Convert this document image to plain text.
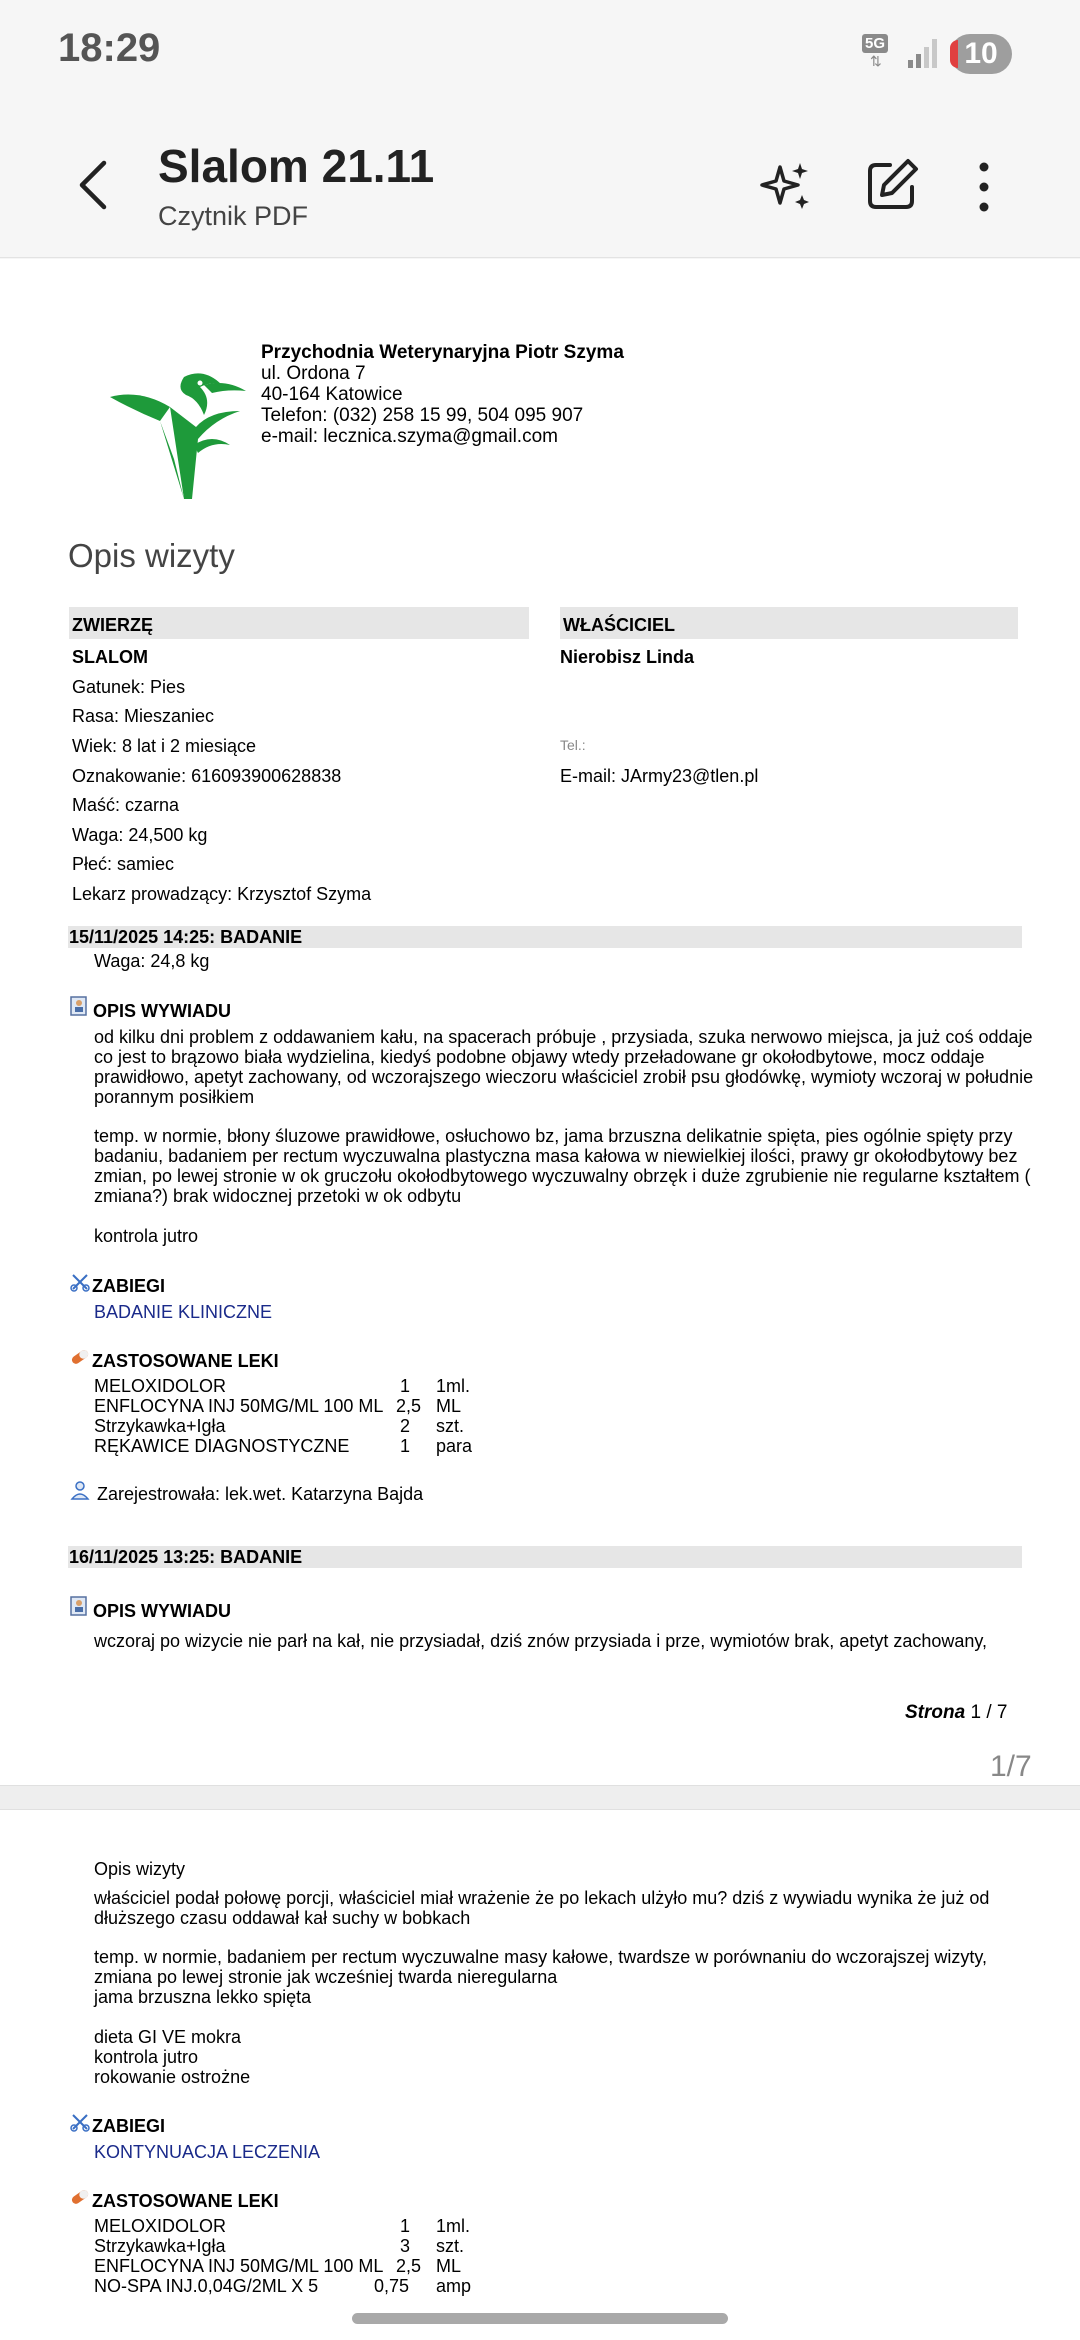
18:29	5G
⇅	10
Slalom 21.11
Czytnik PDF
Przychodnia Weterynaryjna Piotr Szyma
ul. Ordona 7
40-164 Katowice
Telefon: (032) 258 15 99, 504 095 907
e-mail: lecznica.szyma@gmail.com
Opis wizyty
ZWIERZĘ	WŁAŚCICIEL
SLALOM
Gatunek: Pies
Rasa: Mieszaniec
Wiek: 8 lat i 2 miesiące
Oznakowanie: 616093900628838
Maść: czarna
Waga: 24,500 kg
Płeć: samiec
Lekarz prowadzący: Krzysztof Szyma
Nierobisz Linda
Tel.:
E-mail: JArmy23@tlen.pl
15/11/2025 14:25: BADANIE
Waga: 24,8 kg
OPIS WYWIADU
od kilku dni problem z oddawaniem kału, na spacerach próbuje , przysiada, szuka nerwowo miejsca, ja już coś oddaje co jest to brązowo biała wydzielina, kiedyś podobne objawy wtedy przeładowane gr okołodbytowe, mocz oddaje prawidłowo, apetyt zachowany, od wczorajszego wieczoru właściciel zrobił psu głodówkę, wymioty wczoraj w południe porannym posiłkiem
temp. w normie, błony śluzowe prawidłowe, osłuchowo bz, jama brzuszna delikatnie spięta, pies ogólnie spięty przy badaniu, badaniem per rectum wyczuwalna plastyczna masa kałowa w niewielkiej ilości, prawy gr okołodbytowy bez zmian, po lewej stronie w ok gruczołu okołodbytowego wyczuwalny obrzęk i duże zgrubienie nie regularne kształtem ( zmiana?) brak widocznej przetoki w ok odbytu
kontrola jutro
ZABIEGI
BADANIE KLINICZNE
ZASTOSOWANE LEKI
MELOXIDOLOR	1 1ml.
ENFLOCYNA INJ 50MG/ML 100 ML 2,5 ML
Strzykawka+Igła	2 szt.
RĘKAWICE DIAGNOSTYCZNE	1 para
Zarejestrowała: lek.wet. Katarzyna Bajda
16/11/2025 13:25: BADANIE
OPIS WYWIADU
wczoraj po wizycie nie parł na kał, nie przysiadał, dziś znów przysiada i prze, wymiotów brak, apetyt zachowany,
Strona 1 / 7
1/7
Opis wizyty
właściciel podał połowę porcji, właściciel miał wrażenie że po lekach ulżyło mu? dziś z wywiadu wynika że już od dłuższego czasu oddawał kał suchy w bobkach
temp. w normie, badaniem per rectum wyczuwalne masy kałowe, twardsze w porównaniu do wczorajszej wizyty,
zmiana po lewej stronie jak wcześniej twarda nieregularna
jama brzuszna lekko spięta
dieta GI VE mokra
kontrola jutro
rokowanie ostrożne
ZABIEGI
KONTYNUACJA LECZENIA
ZASTOSOWANE LEKI
MELOXIDOLOR	1 1ml.
Strzykawka+Igła	3 szt.
ENFLOCYNA INJ 50MG/ML 100 ML 2,5 ML
NO-SPA INJ.0,04G/2ML X 5	0,75 amp
